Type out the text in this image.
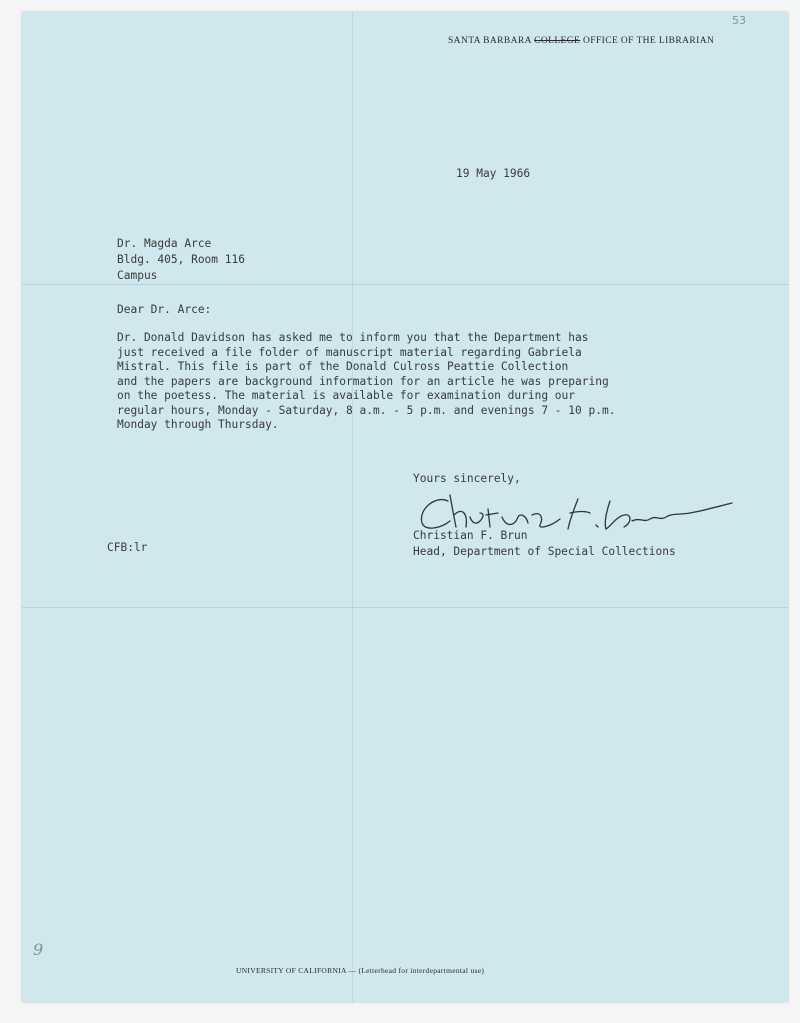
53
SANTA BARBARA COLLEGE OFFICE OF THE LIBRARIAN
19 May 1966
Dr. Magda Arce
Bldg. 405, Room 116
Campus
Dear Dr. Arce:
Dr. Donald Davidson has asked me to inform you that the Department has
just received a file folder of manuscript material regarding Gabriela
Mistral. This file is part of the Donald Culross Peattie Collection
and the papers are background information for an article he was preparing
on the poetess. The material is available for examination during our
regular hours, Monday - Saturday, 8 a.m. - 5 p.m. and evenings 7 - 10 p.m.
Monday through Thursday.
Yours sincerely,
Christian F. Brun
Head, Department of Special Collections
CFB:lr
UNIVERSITY OF CALIFORNIA — (Letterhead for interdepartmental use)
9
